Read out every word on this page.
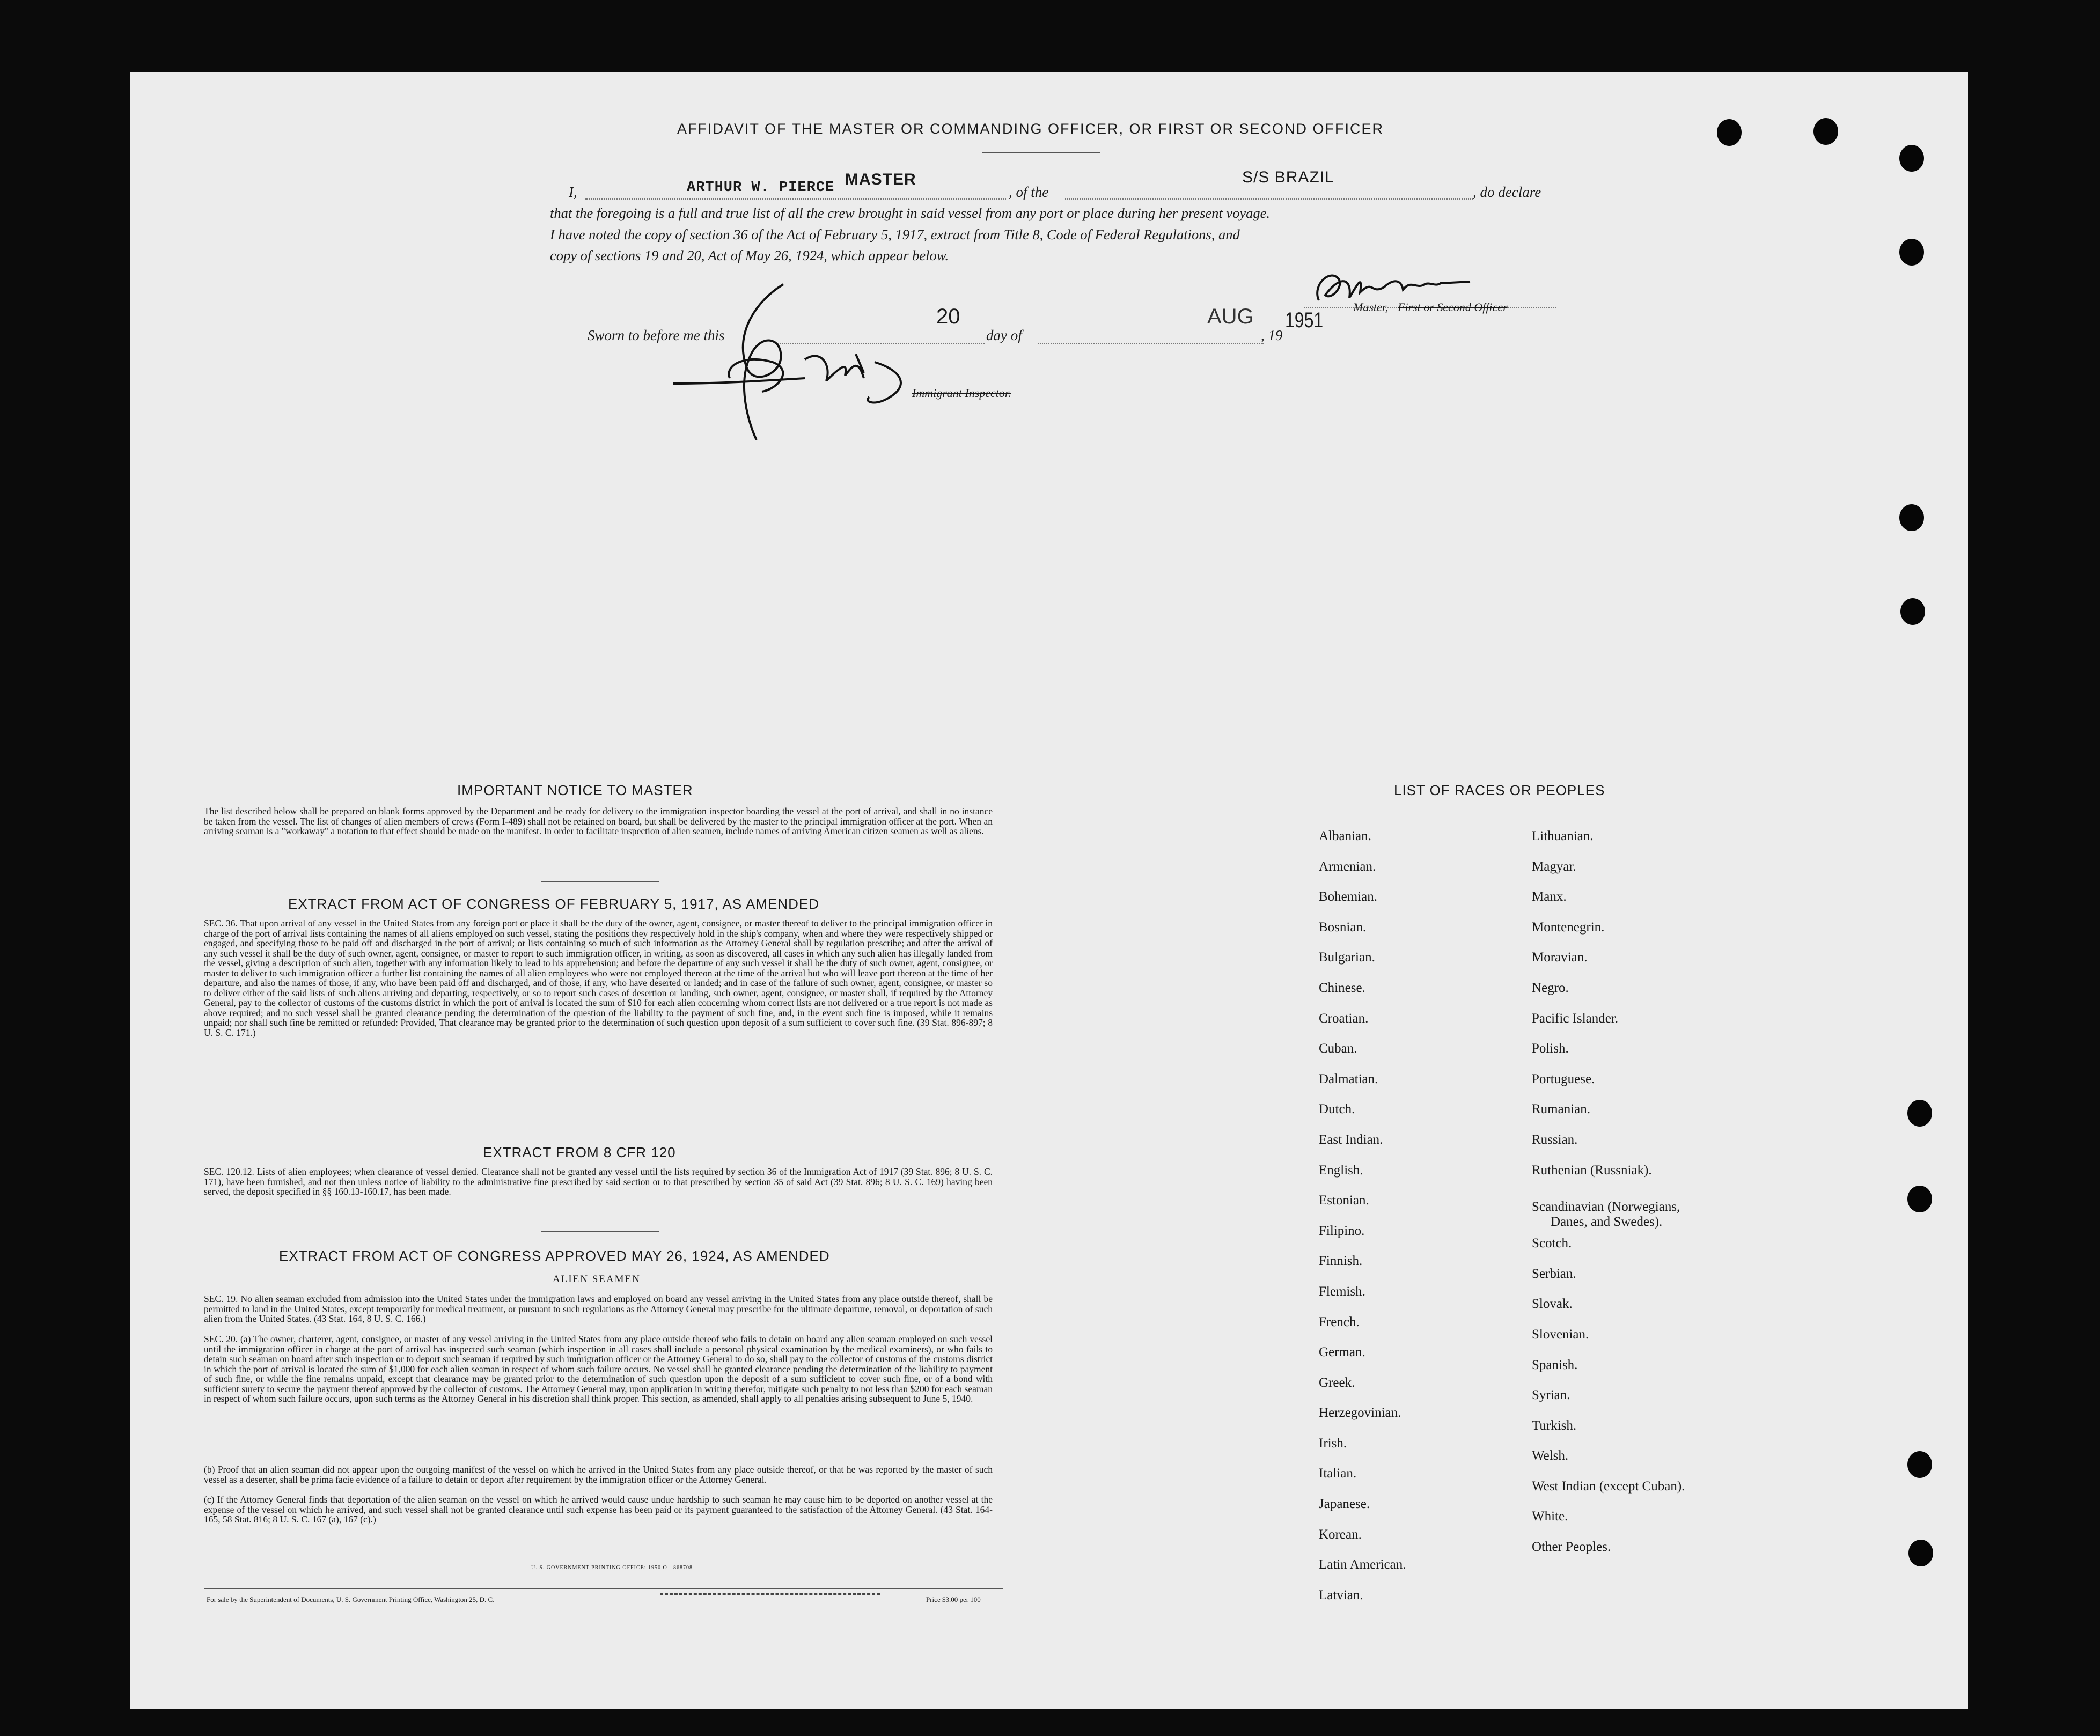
AFFIDAVIT OF THE MASTER OR COMMANDING OFFICER, OR FIRST OR SECOND OFFICER
I,	ARTHUR W. PIERCE MASTER
, of the
S/S BRAZIL
, do declare
that the foregoing is a full and true list of all the crew brought in said vessel from any port or place during her present voyage.
I have noted the copy of section 36 of the Act of February 5, 1917, extract from Title 8, Code of Federal Regulations, and
copy of sections 19 and 20, Act of May 26, 1924, which appear below.
Master, First or Second Officer
Sworn to before me this
20
day of
AUG
, 19
1951
Immigrant Inspector.
IMPORTANT NOTICE TO MASTER
The list described below shall be prepared on blank forms approved by the Department and be ready for delivery to the immigration inspector boarding the vessel at the port of arrival, and shall in no instance be taken from the vessel. The list of changes of alien members of crews (Form I-489) shall not be retained on board, but shall be delivered by the master to the principal immigration officer at the port. When an arriving seaman is a "workaway" a notation to that effect should be made on the manifest. In order to facilitate inspection of alien seamen, include names of arriving American citizen seamen as well as aliens.
EXTRACT FROM ACT OF CONGRESS OF FEBRUARY 5, 1917, AS AMENDED
SEC. 36. That upon arrival of any vessel in the United States from any foreign port or place it shall be the duty of the owner, agent, consignee, or master thereof to deliver to the principal immigration officer in charge of the port of arrival lists containing the names of all aliens employed on such vessel, stating the positions they respectively hold in the ship's company, when and where they were respectively shipped or engaged, and specifying those to be paid off and discharged in the port of arrival; or lists containing so much of such information as the Attorney General shall by regulation prescribe; and after the arrival of any such vessel it shall be the duty of such owner, agent, consignee, or master to report to such immigration officer, in writing, as soon as discovered, all cases in which any such alien has illegally landed from the vessel, giving a description of such alien, together with any information likely to lead to his apprehension; and before the departure of any such vessel it shall be the duty of such owner, agent, consignee, or master to deliver to such immigration officer a further list containing the names of all alien employees who were not employed thereon at the time of the arrival but who will leave port thereon at the time of her departure, and also the names of those, if any, who have been paid off and discharged, and of those, if any, who have deserted or landed; and in case of the failure of such owner, agent, consignee, or master so to deliver either of the said lists of such aliens arriving and departing, respectively, or so to report such cases of desertion or landing, such owner, agent, consignee, or master shall, if required by the Attorney General, pay to the collector of customs of the customs district in which the port of arrival is located the sum of $10 for each alien concerning whom correct lists are not delivered or a true report is not made as above required; and no such vessel shall be granted clearance pending the determination of the question of the liability to the payment of such fine, and, in the event such fine is imposed, while it remains unpaid; nor shall such fine be remitted or refunded: Provided, That clearance may be granted prior to the determination of such question upon deposit of a sum sufficient to cover such fine. (39 Stat. 896-897; 8 U. S. C. 171.)
EXTRACT FROM 8 CFR 120
SEC. 120.12. Lists of alien employees; when clearance of vessel denied. Clearance shall not be granted any vessel until the lists required by section 36 of the Immigration Act of 1917 (39 Stat. 896; 8 U. S. C. 171), have been furnished, and not then unless notice of liability to the administrative fine prescribed by said section or to that prescribed by section 35 of said Act (39 Stat. 896; 8 U. S. C. 169) having been served, the deposit specified in §§ 160.13-160.17, has been made.
EXTRACT FROM ACT OF CONGRESS APPROVED MAY 26, 1924, AS AMENDED
ALIEN SEAMEN
SEC. 19. No alien seaman excluded from admission into the United States under the immigration laws and employed on board any vessel arriving in the United States from any place outside thereof, shall be permitted to land in the United States, except temporarily for medical treatment, or pursuant to such regulations as the Attorney General may prescribe for the ultimate departure, removal, or deportation of such alien from the United States. (43 Stat. 164, 8 U. S. C. 166.)
SEC. 20. (a) The owner, charterer, agent, consignee, or master of any vessel arriving in the United States from any place outside thereof who fails to detain on board any alien seaman employed on such vessel until the immigration officer in charge at the port of arrival has inspected such seaman (which inspection in all cases shall include a personal physical examination by the medical examiners), or who fails to detain such seaman on board after such inspection or to deport such seaman if required by such immigration officer or the Attorney General to do so, shall pay to the collector of customs of the customs district in which the port of arrival is located the sum of $1,000 for each alien seaman in respect of whom such failure occurs. No vessel shall be granted clearance pending the determination of the liability to payment of such fine, or while the fine remains unpaid, except that clearance may be granted prior to the determination of such question upon the deposit of a sum sufficient to cover such fine, or of a bond with sufficient surety to secure the payment thereof approved by the collector of customs. The Attorney General may, upon application in writing therefor, mitigate such penalty to not less than $200 for each seaman in respect of whom such failure occurs, upon such terms as the Attorney General in his discretion shall think proper. This section, as amended, shall apply to all penalties arising subsequent to June 5, 1940.
(b) Proof that an alien seaman did not appear upon the outgoing manifest of the vessel on which he arrived in the United States from any place outside thereof, or that he was reported by the master of such vessel as a deserter, shall be prima facie evidence of a failure to detain or deport after requirement by the immigration officer or the Attorney General.
(c) If the Attorney General finds that deportation of the alien seaman on the vessel on which he arrived would cause undue hardship to such seaman he may cause him to be deported on another vessel at the expense of the vessel on which he arrived, and such vessel shall not be granted clearance until such expense has been paid or its payment guaranteed to the satisfaction of the Attorney General. (43 Stat. 164-165, 58 Stat. 816; 8 U. S. C. 167 (a), 167 (c).)
U. S. GOVERNMENT PRINTING OFFICE: 1950 O - 868708
For sale by the Superintendent of Documents, U. S. Government Printing Office, Washington 25, D. C.	Price $3.00 per 100
LIST OF RACES OR PEOPLES
Albanian.
Armenian.
Bohemian.
Bosnian.
Bulgarian.
Chinese.
Croatian.
Cuban.
Dalmatian.
Dutch.
East Indian.
English.
Estonian.
Filipino.
Finnish.
Flemish.
French.
German.
Greek.
Herzegovinian.
Irish.
Italian.
Japanese.
Korean.
Latin American.
Latvian.
Lithuanian.
Magyar.
Manx.
Montenegrin.
Moravian.
Negro.
Pacific Islander.
Polish.
Portuguese.
Rumanian.
Russian.
Ruthenian (Russniak).
Scandinavian (Norwegians,
Danes, and Swedes).
Scotch.
Serbian.
Slovak.
Slovenian.
Spanish.
Syrian.
Turkish.
Welsh.
West Indian (except Cuban).
White.
Other Peoples.
